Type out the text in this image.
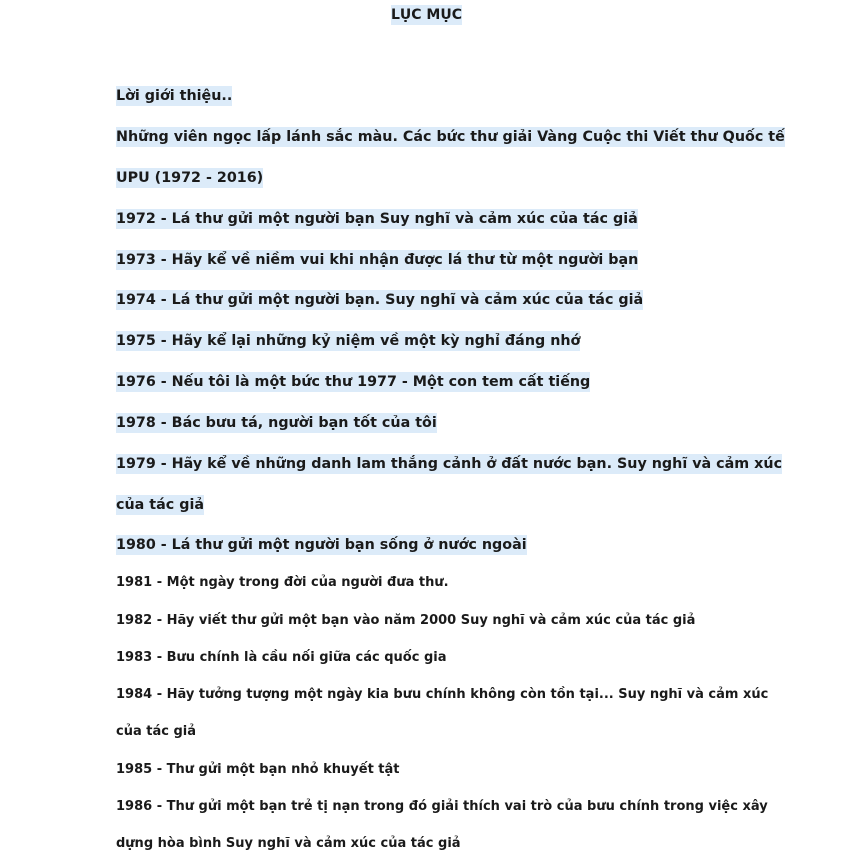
LỤC MỤC
Lời giới thiệu..
Những viên ngọc lấp lánh sắc màu. Các bức thư giải Vàng Cuộc thi Viết thư Quốc tế
UPU (1972 - 2016)
1972 - Lá thư gửi một người bạn Suy nghĩ và cảm xúc của tác giả
1973 - Hãy kể về niềm vui khi nhận được lá thư từ một người bạn
1974 - Lá thư gửi một người bạn. Suy nghĩ và cảm xúc của tác giả
1975 - Hãy kể lại những kỷ niệm về một kỳ nghỉ đáng nhớ
1976 - Nếu tôi là một bức thư 1977 - Một con tem cất tiếng
1978 - Bác bưu tá, người bạn tốt của tôi
1979 - Hãy kể về những danh lam thắng cảnh ở đất nước bạn. Suy nghĩ và cảm xúc
của tác giả
1980 - Lá thư gửi một người bạn sống ở nước ngoài
1981 - Một ngày trong đời của người đưa thư.
1982 - Hãy viết thư gửi một bạn vào năm 2000 Suy nghĩ và cảm xúc của tác giả
1983 - Bưu chính là cầu nối giữa các quốc gia
1984 - Hãy tưởng tượng một ngày kia bưu chính không còn tồn tại... Suy nghĩ và cảm xúc
của tác giả
1985 - Thư gửi một bạn nhỏ khuyết tật
1986 - Thư gửi một bạn trẻ tị nạn trong đó giải thích vai trò của bưu chính trong việc xây
dựng hòa bình Suy nghĩ và cảm xúc của tác giả
